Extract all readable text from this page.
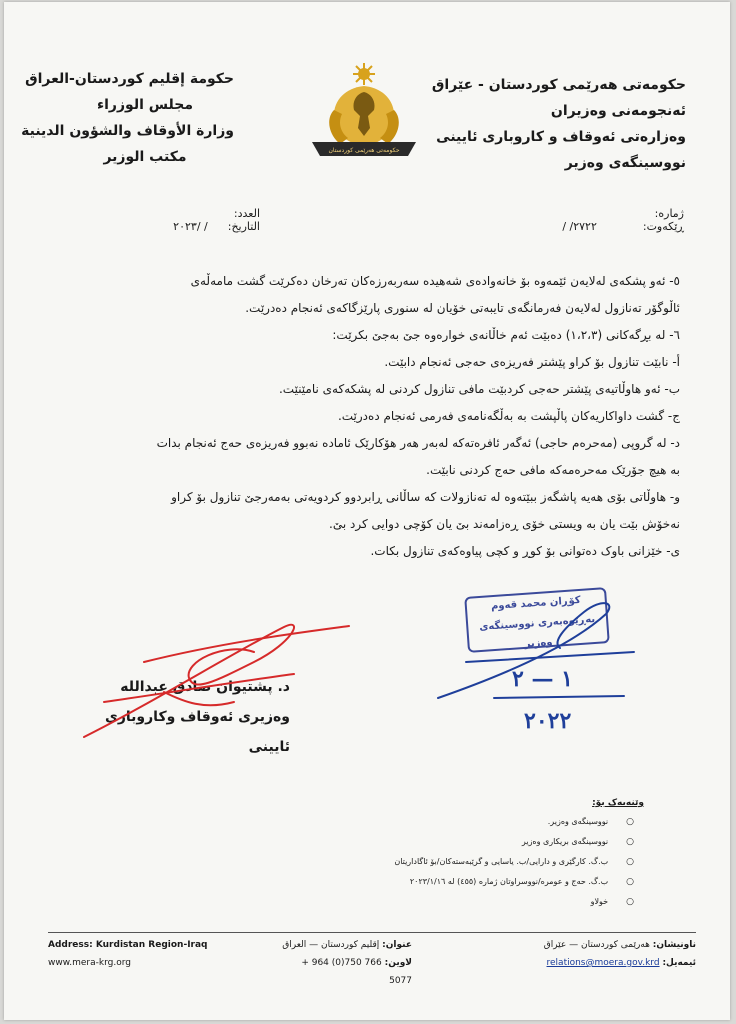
حکومەتی هەرێمی کوردستان - عێراق
ئەنجومەنی وەزیران
وەزارەتی ئەوقاف و کاروباری ئایینی
نووسینگەی وەزیر
حکومەتی هەرێمی کوردستان
حكومة إقليم كوردستان-العراق
مجلس الوزراء
وزارة الأوقاف والشؤون الدينية
مكتب الوزير
ژمارە:
ڕێکەوت:
٢٧٢٢/ /
العدد:
التاريخ:
/ /٢٠٢٣

٥- ئەو پشکەی لەلایەن ئێمەوە بۆ خانەوادەی شەهیدە سەربەرزەکان تەرخان دەکرێت گشت مامەڵەی

ئاڵوگۆر تەنازول لەلایەن فەرمانگەی تایبەتی خۆیان لە سنوری پارێزگاکەی ئەنجام دەدرێت.

٦- لە بڕگەکانی (١،٢،٣) دەبێت ئەم خاڵانەی خوارەوە جێ بەجێ بکرێت:

أ- نابێت تنازول بۆ کراو پێشتر فەریزەی حەجی ئەنجام دابێت.

ب- ئەو هاوڵاتیەی پێشتر حەجی کردبێت مافی تنازول کردنی لە پشکەکەی نامێنێت.

ج- گشت داواکاریەکان پاڵپشت بە بەڵگەنامەی فەرمی ئەنجام دەدرێت.

د- لە گروپی (مەحرەم حاجی) ئەگەر ئافرەتەکە لەبەر هەر هۆکارێک ئامادە نەبوو فەریزەی حەج ئەنجام بدات

بە هیچ جۆرێک مەحرەمەکە مافی حەج کردنی نابێت.

و- هاوڵاتی بۆی هەیە پاشگەز ببێتەوە لە تەنازولات کە ساڵانی ڕابردوو کردویەتی بەمەرجێ تنازول بۆ کراو

نەخۆش بێت یان بە ویستی خۆی ڕەزامەند بێ یان کۆچی دوایی کرد بێ.

ی- خێزانی باوک دەتوانی بۆ کوڕ و کچی پیاوەکەی تنازول بکات.

کۆڕان محمد قەوم
بەڕێوەبەری نووسینگەی وەزیر
د. پشتیوان صادق عبدالله
وەزیری ئەوقاف وکاروباری ئایینی
١ — ٢
٢٠٢٢
وێنەیەک بۆ:
○ نووسینگەی وەزیر.
○ نووسینگەی بریکاری وەزیر
○ ب.گ. کارگێری و دارایی/ب. یاسایی و گرێبەستەکان/بۆ ئاگاداریتان
○ ب.گ. حەج و عومرە/نووسراوتان ژمارە (٤٥٥) لە ٢٠٢٣/١/١٦
○ خولاو
Address: Kurdistan Region-Iraq
www.mera-krg.org
عنوان: إقليم كوردستان — العراق
لاوین: + 964 (0)750 766 5077
ناونیشان: هەرێمی کوردستان — عێراق
ئیمەیل: relations@moera.gov.krd
